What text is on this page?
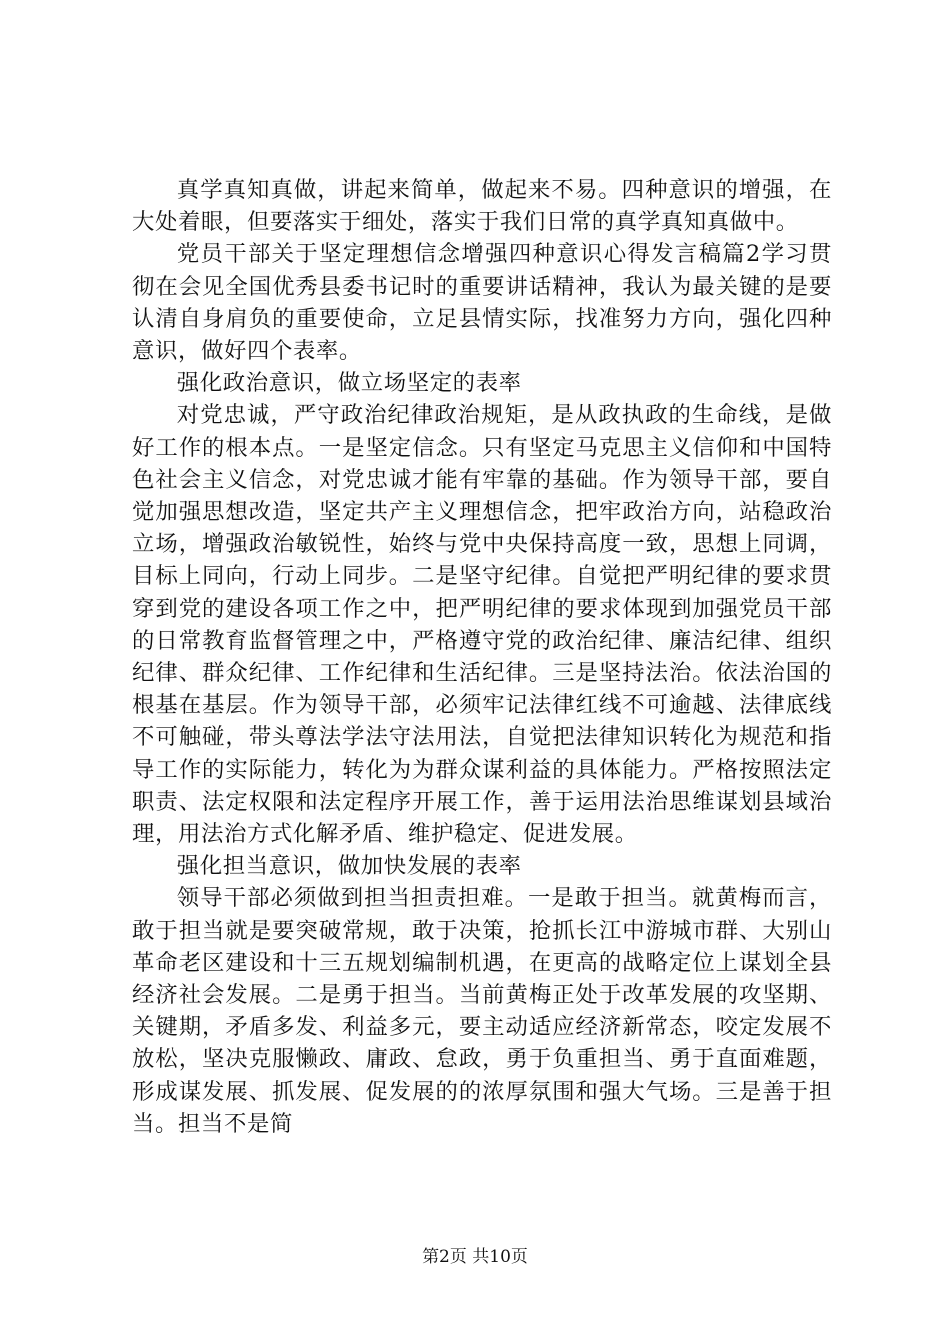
真学真知真做，讲起来简单，做起来不易。四种意识的增强，在大处着眼，但要落实于细处，落实于我们日常的真学真知真做中。

党员干部关于坚定理想信念增强四种意识心得发言稿篇2学习贯彻在会见全国优秀县委书记时的重要讲话精神，我认为最关键的是要认清自身肩负的重要使命，立足县情实际，找准努力方向，强化四种意识，做好四个表率。

强化政治意识，做立场坚定的表率

对党忠诚，严守政治纪律政治规矩，是从政执政的生命线，是做好工作的根本点。一是坚定信念。只有坚定马克思主义信仰和中国特色社会主义信念，对党忠诚才能有牢靠的基础。作为领导干部，要自觉加强思想改造，坚定共产主义理想信念，把牢政治方向，站稳政治立场，增强政治敏锐性，始终与党中央保持高度一致，思想上同调，目标上同向，行动上同步。二是坚守纪律。自觉把严明纪律的要求贯穿到党的建设各项工作之中，把严明纪律的要求体现到加强党员干部的日常教育监督管理之中，严格遵守党的政治纪律、廉洁纪律、组织纪律、群众纪律、工作纪律和生活纪律。三是坚持法治。依法治国的根基在基层。作为领导干部，必须牢记法律红线不可逾越、法律底线不可触碰，带头尊法学法守法用法，自觉把法律知识转化为规范和指导工作的实际能力，转化为为群众谋利益的具体能力。严格按照法定职责、法定权限和法定程序开展工作，善于运用法治思维谋划县域治理，用法治方式化解矛盾、维护稳定、促进发展。

强化担当意识，做加快发展的表率

领导干部必须做到担当担责担难。一是敢于担当。就黄梅而言，敢于担当就是要突破常规，敢于决策，抢抓长江中游城市群、大别山革命老区建设和十三五规划编制机遇，在更高的战略定位上谋划全县经济社会发展。二是勇于担当。当前黄梅正处于改革发展的攻坚期、关键期，矛盾多发、利益多元，要主动适应经济新常态，咬定发展不放松，坚决克服懒政、庸政、怠政，勇于负重担当、勇于直面难题，形成谋发展、抓发展、促发展的的浓厚氛围和强大气场。三是善于担当。担当不是简

第2页 共10页
